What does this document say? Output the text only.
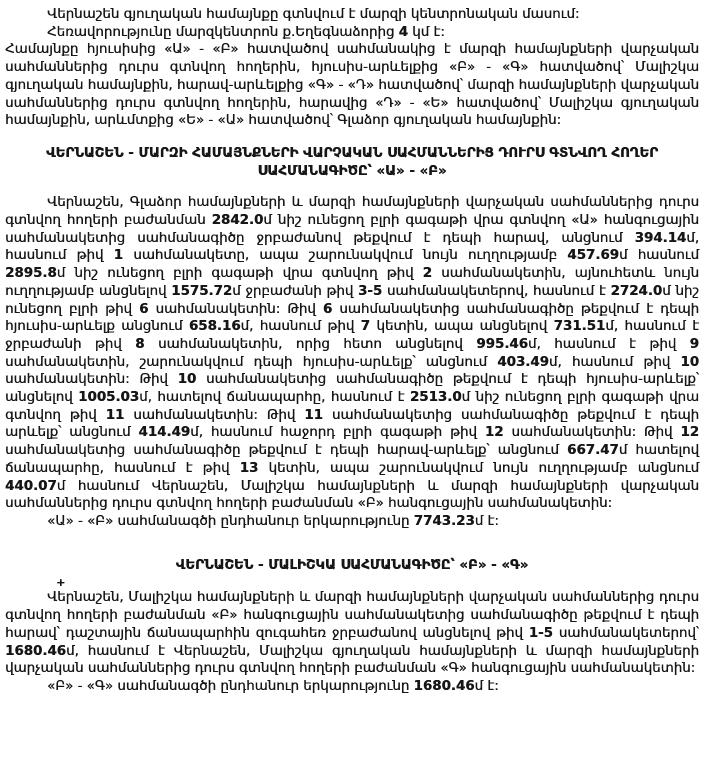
Վերնաշեն գյուղական համայնքը գտնվում է մարզի կենտրոնական մասում:

Հեռավորությունը մարզկենտրոն ք.Եղեգնաձորից 4 կմ է:

Համայնքը հյուսիսից «Ա» - «Բ» հատվածով սահմանակից է մարզի համայնքների վարչական սահմաններից դուրս գտնվող հողերին, հյուսիս-արևելքից «Բ» - «Գ» հատվածով՝ Մալիշկա գյուղական համայնքին, հարավ-արևելքից «Գ» - «Դ» հատվածով՝ մարզի համայնքների վարչական սահմաններից դուրս գտնվող հողերին, հարավից «Դ» - «Ե» հատվածով՝ Մալիշկա գյուղական համայնքին, արևմտքից «Ե» - «Ա» հատվածով՝ Գլաձոր գյուղական համայնքին:

ՎԵՐՆԱՇԵՆ - ՄԱՐԶԻ ՀԱՄԱՅՆՔՆԵՐԻ ՎԱՐՉԱԿԱՆ ՍԱՀՄԱՆՆԵՐԻՑ ԴՈՒՐՍ ԳՏՆՎՈՂ ՀՈՂԵՐ
ՍԱՀՄԱՆԱԳԻԾԸ՝ «Ա» - «Բ»

Վերնաշեն, Գլաձոր համայնքների և մարզի համայնքների վարչական սահմաններից դուրս գտնվող հողերի բաժանման 2842.0մ նիշ ունեցող բլրի գագաթի վրա գտնվող «Ա» հանգուցային սահմանակետից սահմանագիծը ջրբաժանով թեքվում է դեպի հարավ, անցնում 394.14մ, հասնում թիվ 1 սահմանակետը, ապա շարունակվում նույն ուղղությամբ 457.69մ հասնում 2895.8մ նիշ ունեցող բլրի գագաթի վրա գտնվող թիվ 2 սահմանակետին, այնուհետև նույն ուղղությամբ անցնելով 1575.72մ ջրբաժանի թիվ 3-5 սահմանակետերով, հասնում է 2724.0մ նիշ ունեցող բլրի թիվ 6 սահմանակետին: Թիվ 6 սահմանակետից սահմանագիծը թեքվում է դեպի հյուսիս-արևելք անցնում 658.16մ, հասնում թիվ 7 կետին, ապա անցնելով 731.51մ, հասնում է ջրբաժանի թիվ 8 սահմանակետին, որից հետո անցնելով 995.46մ, հասնում է թիվ 9 սահմանակետին, շարունակվում դեպի հյուսիս-արևելք՝ անցնում 403.49մ, հասնում թիվ 10 սահմանակետին: Թիվ 10 սահմանակետից սահմանագիծը թեքվում է դեպի հյուսիս-արևելք՝ անցնելով 1005.03մ, հատելով ճանապարհը, հասնում է 2513.0մ նիշ ունեցող բլրի գագաթի վրա գտնվող թիվ 11 սահմանակետին: Թիվ 11 սահմանակետից սահմանագիծը թեքվում է դեպի արևելք՝ անցնում 414.49մ, հասնում հաջորդ բլրի գագաթի թիվ 12 սահմանակետին: Թիվ 12 սահմանակետից սահմանագիծը թեքվում է դեպի հարավ-արևելք՝ անցնում 667.47մ հատելով ճանապարհը, հասնում է թիվ 13 կետին, ապա շարունակվում նույն ուղղությամբ անցնում 440.07մ հասնում Վերնաշեն, Մալիշկա համայնքների և մարզի համայնքների վարչական սահմաններից դուրս գտնվող հողերի բաժանման «Բ» հանգուցային սահմանակետին:

«Ա» - «Բ» սահմանագծի ընդհանուր երկարությունը 7743.23մ է:

+
ՎԵՐՆԱՇԵՆ - ՄԱԼԻՇԿԱ ՍԱՀՄԱՆԱԳԻԾԸ՝ «Բ» - «Գ»

Վերնաշեն, Մալիշկա համայնքների և մարզի համայնքների վարչական սահմաններից դուրս գտնվող հողերի բաժանման «Բ» հանգուցային սահմանակետից սահմանագիծը թեքվում է դեպի հարավ՝ դաշտային ճանապարհին զուգահեռ ջրբաժանով անցնելով թիվ 1-5 սահմանակետերով՝ 1680.46մ, հասնում է Վերնաշեն, Մալիշկա գյուղական համայնքների և մարզի համայնքների վարչական սահմաններից դուրս գտնվող հողերի բաժանման «Գ» հանգուցային սահմանակետին:

«Բ» - «Գ» սահմանագծի ընդհանուր երկարությունը 1680.46մ է:
